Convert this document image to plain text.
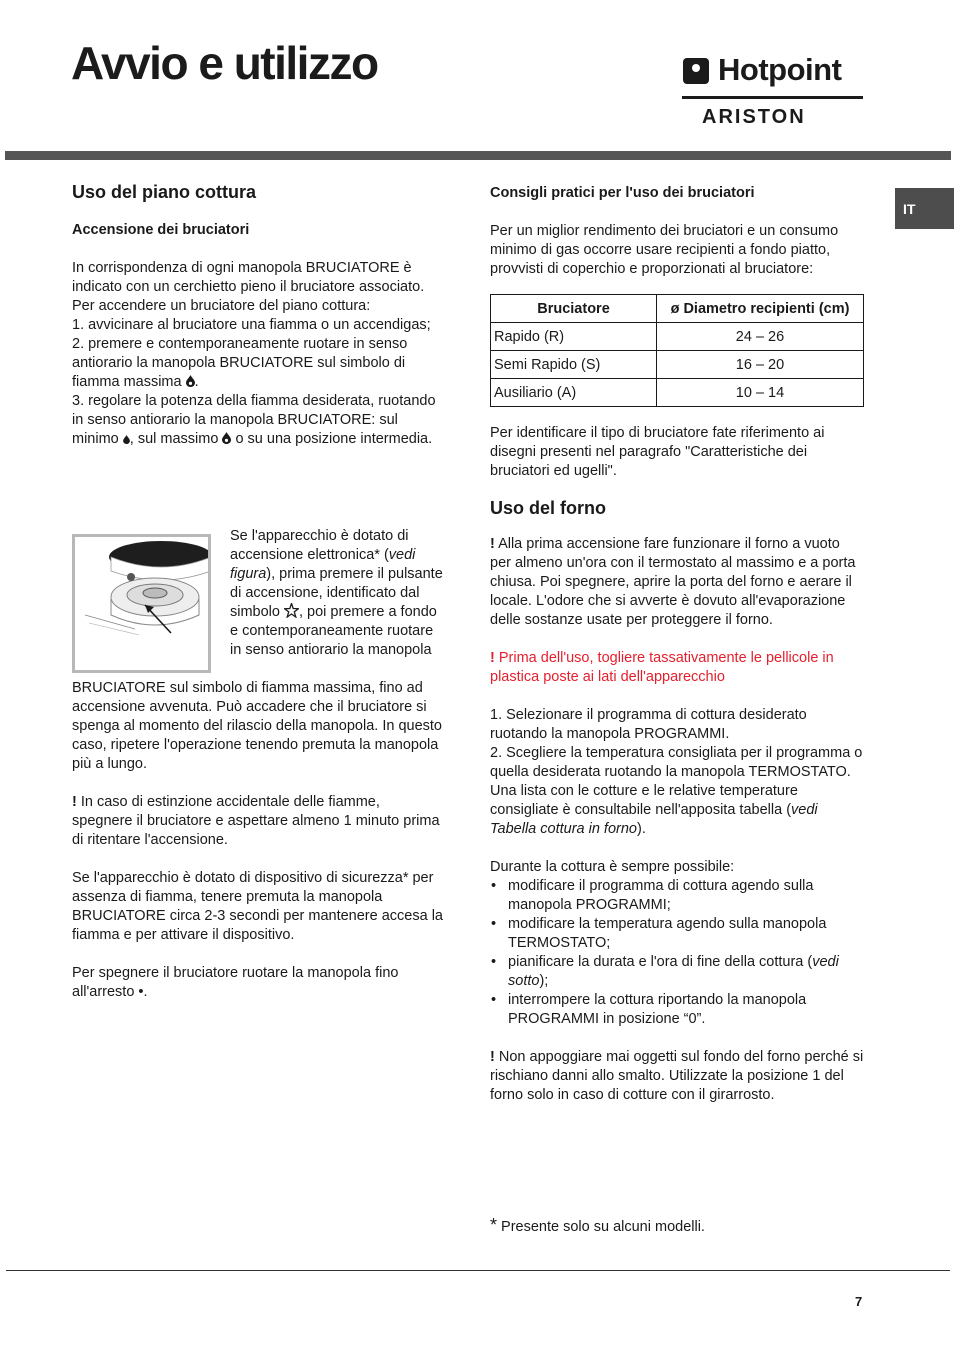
Avvio e utilizzo	Hotpoint
ARISTON
IT
Uso del piano cottura
Accensione dei bruciatori

In corrispondenza di ogni manopola BRUCIATORE è indicato con un cerchietto pieno il bruciatore associato.

Per accendere un bruciatore del piano cottura:

1. avvicinare al bruciatore una fiamma o un accendigas;

2. premere e contemporaneamente ruotare in senso antiorario la manopola BRUCIATORE sul simbolo di fiamma massima .

3. regolare la potenza della fiamma desiderata, ruotando in senso antiorario la manopola BRUCIATORE: sul minimo , sul massimo o su una posizione intermedia.

Se l'apparecchio è dotato di accensione elettronica* (vedi figura), prima premere il pulsante di accensione, identificato dal simbolo , poi premere a fondo e contemporaneamente ruotare in senso antiorario la manopola

BRUCIATORE sul simbolo di fiamma massima, fino ad accensione avvenuta. Può accadere che il bruciatore si spenga al momento del rilascio della manopola. In questo caso, ripetere l'operazione tenendo premuta la manopola più a lungo.

! In caso di estinzione accidentale delle fiamme, spegnere il bruciatore e aspettare almeno 1 minuto prima di ritentare l'accensione.

Se l'apparecchio è dotato di dispositivo di sicurezza* per assenza di fiamma, tenere premuta la manopola BRUCIATORE circa 2-3 secondi per mantenere accesa la fiamma e per attivare il dispositivo.

Per spegnere il bruciatore ruotare la manopola fino all'arresto •.

Consigli pratici per l'uso dei bruciatori

Per un miglior rendimento dei bruciatori e un consumo minimo di gas occorre usare recipienti a fondo piatto, provvisti di coperchio e proporzionati al bruciatore:

Bruciatore	ø Diametro recipienti (cm)
Rapido (R)	24 – 26
Semi Rapido (S)	16 – 20
Ausiliario (A)	10 – 14

Per identificare il tipo di bruciatore fate riferimento ai disegni presenti nel paragrafo "Caratteristiche dei bruciatori ed ugelli".

Uso del forno

! Alla prima accensione fare funzionare il forno a vuoto per almeno un'ora con il termostato al massimo e a porta chiusa. Poi spegnere, aprire la porta del forno e aerare il locale. L'odore che si avverte è dovuto all'evaporazione delle sostanze usate per proteggere il forno.

! Prima dell'uso, togliere tassativamente le pellicole in plastica poste ai lati dell'apparecchio

1. Selezionare il programma di cottura desiderato ruotando la manopola PROGRAMMI.

2. Scegliere la temperatura consigliata per il programma o quella desiderata ruotando la manopola TERMOSTATO.

Una lista con le cotture e le relative temperature consigliate è consultabile nell'apposita tabella (vedi Tabella cottura in forno).

Durante la cottura è sempre possibile:

• modificare il programma di cottura agendo sulla manopola PROGRAMMI;
• modificare la temperatura agendo sulla manopola TERMOSTATO;
• pianificare la durata e l'ora di fine della cottura (vedi sotto);
• interrompere la cottura riportando la manopola PROGRAMMI in posizione “0”.

! Non appoggiare mai oggetti sul fondo del forno perché si rischiano danni allo smalto. Utilizzate la posizione 1 del forno solo in caso di cotture con il girarrosto.

* Presente solo su alcuni modelli.

7
